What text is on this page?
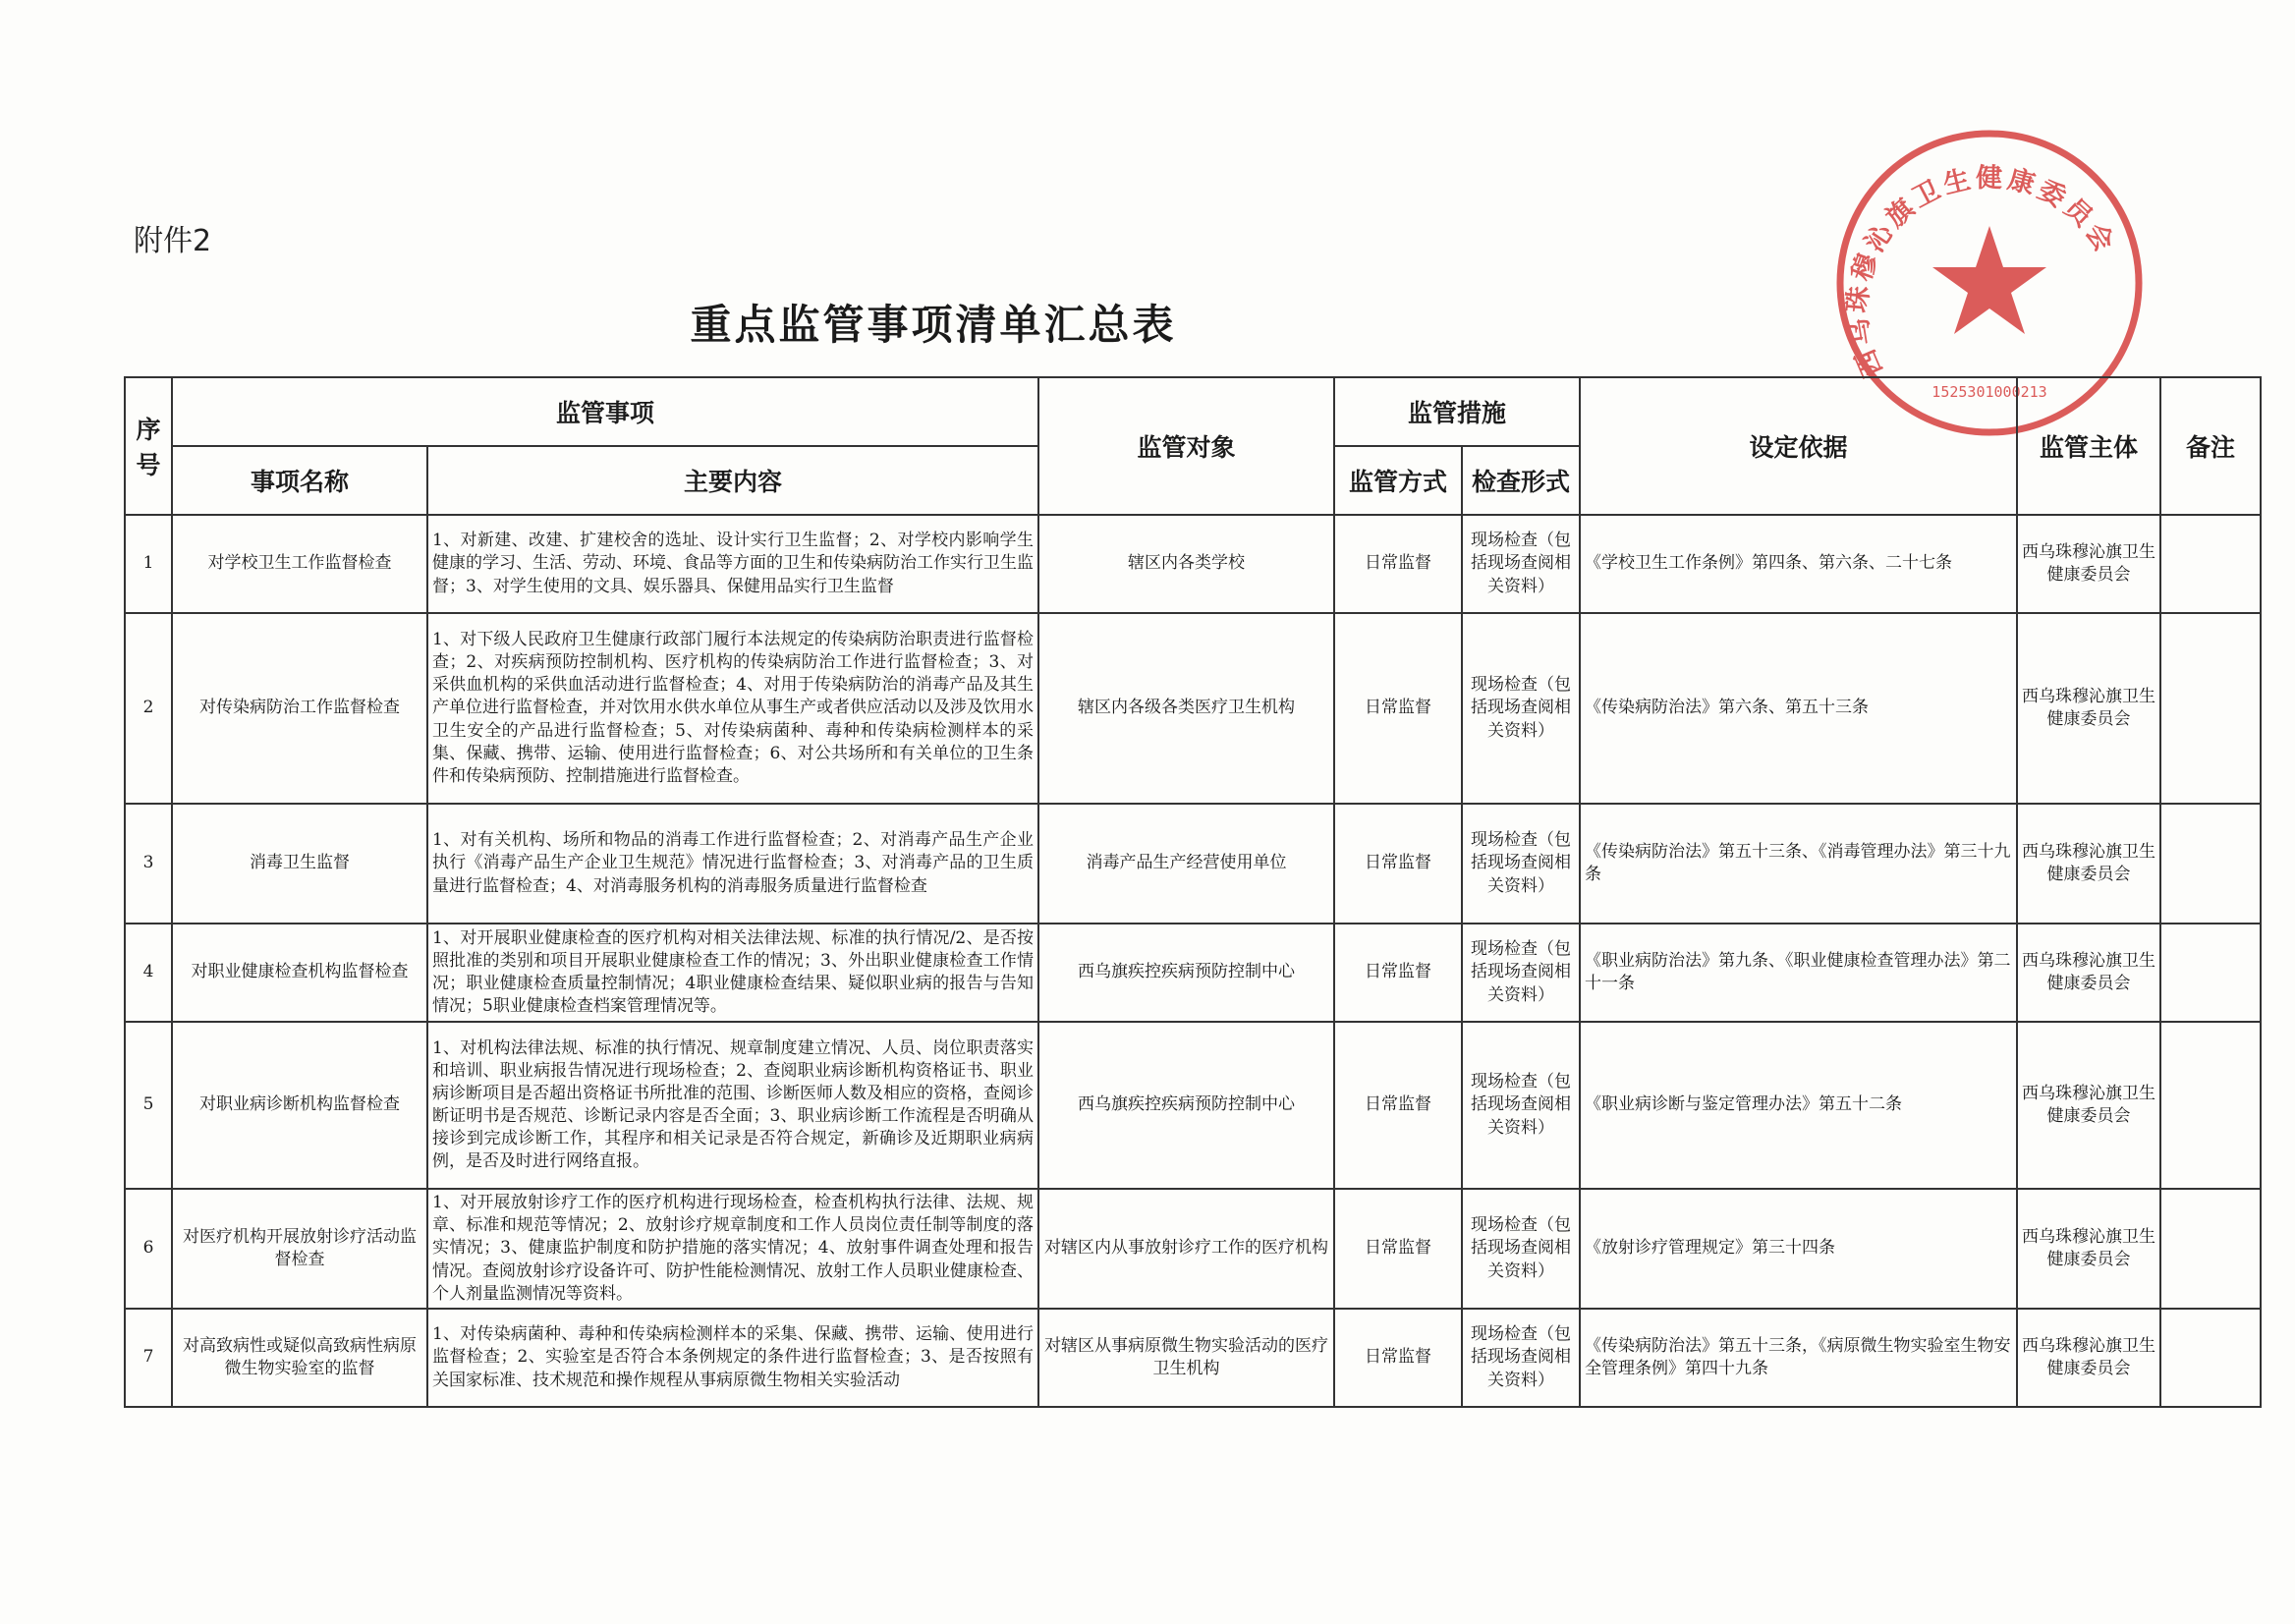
附件2
重点监管事项清单汇总表
西乌珠穆沁旗卫生健康委员会
1525301000213
序号	监管事项		监管对象	监管措施		设定依据	监管主体	备注
	事项名称	主要内容		监管方式	检查形式			
1	对学校卫生工作监督检查	1、对新建、改建、扩建校舍的选址、设计实行卫生监督；2、对学校内影响学生健康的学习、生活、劳动、环境、食品等方面的卫生和传染病防治工作实行卫生监督；3、对学生使用的文具、娱乐器具、保健用品实行卫生监督	辖区内各类学校	日常监督	现场检查（包括现场查阅相关资料）	《学校卫生工作条例》第四条、第六条、二十七条	西乌珠穆沁旗卫生健康委员会	
2	对传染病防治工作监督检查	1、对下级人民政府卫生健康行政部门履行本法规定的传染病防治职责进行监督检查；2、对疾病预防控制机构、医疗机构的传染病防治工作进行监督检查；3、对采供血机构的采供血活动进行监督检查；4、对用于传染病防治的消毒产品及其生产单位进行监督检查，并对饮用水供水单位从事生产或者供应活动以及涉及饮用水卫生安全的产品进行监督检查；5、对传染病菌种、毒种和传染病检测样本的采集、保藏、携带、运输、使用进行监督检查；6、对公共场所和有关单位的卫生条件和传染病预防、控制措施进行监督检查。	辖区内各级各类医疗卫生机构	日常监督	现场检查（包括现场查阅相关资料）	《传染病防治法》第六条、第五十三条	西乌珠穆沁旗卫生健康委员会	
3	消毒卫生监督	1、对有关机构、场所和物品的消毒工作进行监督检查；2、对消毒产品生产企业执行《消毒产品生产企业卫生规范》情况进行监督检查；3、对消毒产品的卫生质量进行监督检查；4、对消毒服务机构的消毒服务质量进行监督检查	消毒产品生产经营使用单位	日常监督	现场检查（包括现场查阅相关资料）	《传染病防治法》第五十三条、《消毒管理办法》第三十九条	西乌珠穆沁旗卫生健康委员会	
4	对职业健康检查机构监督检查	1、对开展职业健康检查的医疗机构对相关法律法规、标准的执行情况/2、是否按照批准的类别和项目开展职业健康检查工作的情况；3、外出职业健康检查工作情况；职业健康检查质量控制情况；4职业健康检查结果、疑似职业病的报告与告知情况；5职业健康检查档案管理情况等。	西乌旗疾控疾病预防控制中心	日常监督	现场检查（包括现场查阅相关资料）	《职业病防治法》第九条、《职业健康检查管理办法》第二十一条	西乌珠穆沁旗卫生健康委员会	
5	对职业病诊断机构监督检查	1、对机构法律法规、标准的执行情况、规章制度建立情况、人员、岗位职责落实和培训、职业病报告情况进行现场检查；2、查阅职业病诊断机构资格证书、职业病诊断项目是否超出资格证书所批准的范围、诊断医师人数及相应的资格，查阅诊断证明书是否规范、诊断记录内容是否全面；3、职业病诊断工作流程是否明确从接诊到完成诊断工作，其程序和相关记录是否符合规定，新确诊及近期职业病病例，是否及时进行网络直报。	西乌旗疾控疾病预防控制中心	日常监督	现场检查（包括现场查阅相关资料）	《职业病诊断与鉴定管理办法》第五十二条	西乌珠穆沁旗卫生健康委员会	
6	对医疗机构开展放射诊疗活动监督检查	1、对开展放射诊疗工作的医疗机构进行现场检查，检查机构执行法律、法规、规章、标准和规范等情况；2、放射诊疗规章制度和工作人员岗位责任制等制度的落实情况；3、健康监护制度和防护措施的落实情况；4、放射事件调查处理和报告情况。查阅放射诊疗设备许可、防护性能检测情况、放射工作人员职业健康检查、个人剂量监测情况等资料。	对辖区内从事放射诊疗工作的医疗机构	日常监督	现场检查（包括现场查阅相关资料）	《放射诊疗管理规定》第三十四条	西乌珠穆沁旗卫生健康委员会	
7	对高致病性或疑似高致病性病原微生物实验室的监督	1、对传染病菌种、毒种和传染病检测样本的采集、保藏、携带、运输、使用进行监督检查；2、实验室是否符合本条例规定的条件进行监督检查；3、是否按照有关国家标准、技术规范和操作规程从事病原微生物相关实验活动	对辖区从事病原微生物实验活动的医疗卫生机构	日常监督	现场检查（包括现场查阅相关资料）	《传染病防治法》第五十三条，《病原微生物实验室生物安全管理条例》第四十九条	西乌珠穆沁旗卫生健康委员会	
